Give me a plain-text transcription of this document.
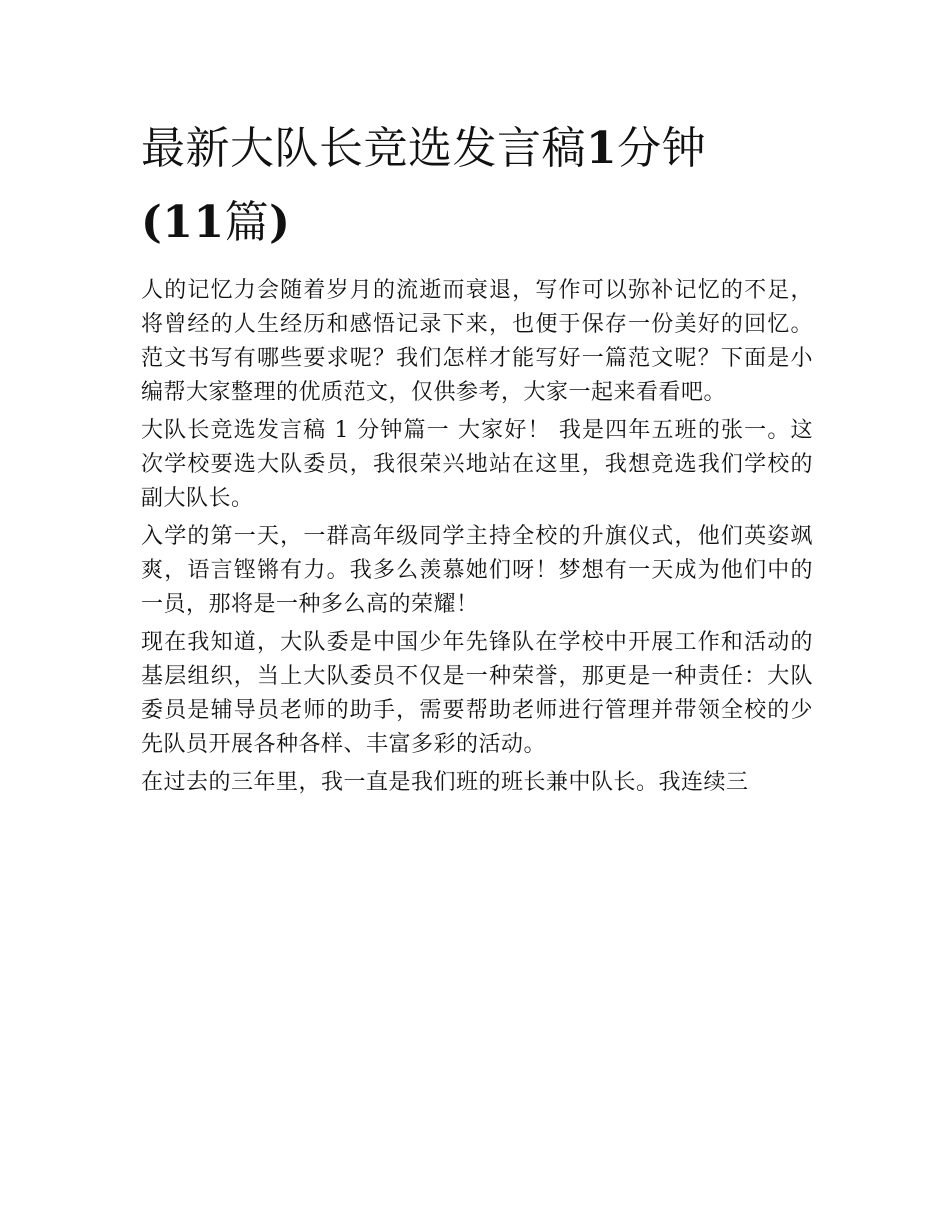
最新大队长竞选发言稿1分钟
(11篇)

人的记忆力会随着岁月的流逝而衰退，写作可以弥补记忆的不足，将曾经的人生经历和感悟记录下来，也便于保存一份美好的回忆。范文书写有哪些要求呢？我们怎样才能写好一篇范文呢？下面是小编帮大家整理的优质范文，仅供参考，大家一起来看看吧。

大队长竞选发言稿 1 分钟篇一 大家好！ 我是四年五班的张一。这次学校要选大队委员，我很荣兴地站在这里，我想竞选我们学校的副大队长。

入学的第一天，一群高年级同学主持全校的升旗仪式，他们英姿飒爽，语言铿锵有力。我多么羡慕她们呀！梦想有一天成为他们中的一员，那将是一种多么高的荣耀！

现在我知道，大队委是中国少年先锋队在学校中开展工作和活动的基层组织，当上大队委员不仅是一种荣誉，那更是一种责任：大队委员是辅导员老师的助手，需要帮助老师进行管理并带领全校的少先队员开展各种各样、丰富多彩的活动。

在过去的三年里，我一直是我们班的班长兼中队长。我连续三
